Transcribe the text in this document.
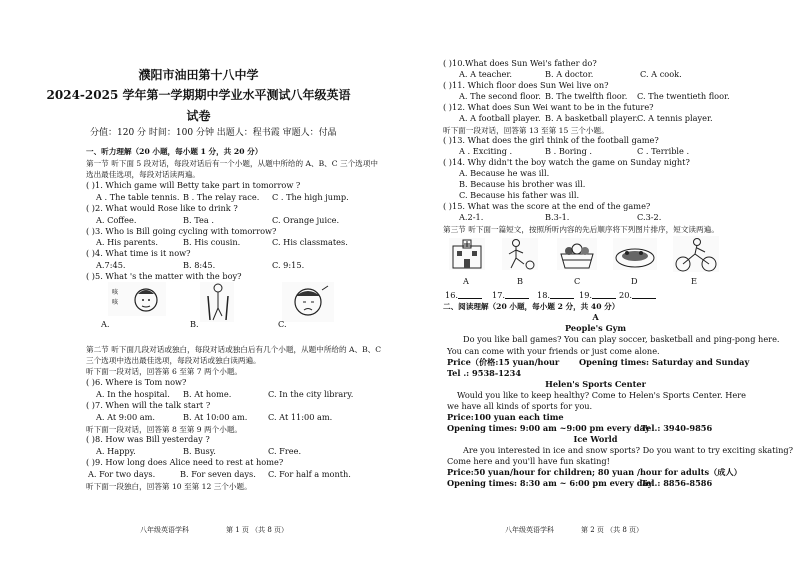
濮阳市油田第十八中学
2024-2025 学年第一学期期中学业水平测试八年级英语
试卷
分值：120 分 时间：100 分钟 出题人：程书霞 审题人：付晶
一、听力理解（20 小题，每小题 1 分，共 20 分）
第一节 听下面 5 段对话，每段对话后有一个小题，从题中所给的 A、B、C 三个选项中
选出最佳选项，每段对话读两遍。
( )1. Which game will Betty take part in tomorrow ?
A . The table tennis. B . The relay race. C . The high jump.
( )2. What would Rose like to drink ?
A. Coffee.	B. Tea .	C. Orange juice.
( )3. Who is Bill going cycling with tomorrow?
A. His parents.	B. His cousin.	C. His classmates.
( )4. What time is it now?
A.7:45.	B. 8:45.	C. 9:15.
( )5. What 's the matter with the boy?
咳
咳
A.	B.	C.
第二节 听下面几段对话或独白，每段对话或独白后有几个小题，从题中所给的 A、B、C
三个选项中选出最佳选项，每段对话或独白读两遍。
听下面一段对话，回答第 6 至第 7 两个小题。
( )6. Where is Tom now?
A. In the hospital. B. At home.	C. In the city library.
( )7. When will the talk start ?
A. At 9:00 am.	B. At 10:00 am.	C. At 11:00 am.
听下面一段对话，回答第 8 至第 9 两个小题。
( )8. How was Bill yesterday ?
A. Happy.	B. Busy.	C. Free.
( )9. How long does Alice need to rest at home?
A. For two days.	B. For seven days. C. For half a month.
听下面一段独白，回答第 10 至第 12 三个小题。
八年级英语学科	第 1 页 （共 8 页）
( )10.What does Sun Wei's father do?
A. A teacher.	B. A doctor.	C. A cook.
( )11. Which floor does Sun Wei live on?
A. The second floor. B. The twelfth floor. C. The twentieth floor.
( )12. What does Sun Wei want to be in the future?
A. A football player. B. A basketball player. C. A tennis player.
听下面一段对话，回答第 13 至第 15 三个小题。
( )13. What does the girl think of the football game?
A . Exciting .	B . Boring .	C . Terrible .
( )14. Why didn't the boy watch the game on Sunday night?
A. Because he was ill.
B. Because his brother was ill.
C. Because his father was ill.
( )15. What was the score at the end of the game?
A.2-1.	B.3-1.	C.3-2.
第三节 听下面一篇短文，按照所听内容的先后顺序将下列图片排序，短文读两遍。
A	B	C	D	E
16.	17.	18.	19.	20.
二、阅读理解（20 小题，每小题 2 分，共 40 分）
A
People's Gym
Do you like ball games? You can play soccer, basketball and ping-pong here.
You can come with your friends or just come alone.
Price（价格:15 yuan/hour Opening times: Saturday and Sunday
Tel .: 9538-1234
Helen's Sports Center
Would you like to keep healthy? Come to Helen's Sports Center. Here
we have all kinds of sports for you.
Price:100 yuan each time
Opening times: 9:00 am ~9:00 pm every day
Tel.: 3940-9856
Ice World
Are you interested in ice and snow sports? Do you want to try exciting skating?
Come here and you'll have fun skating!
Price:50 yuan/hour for children; 80 yuan /hour for adults（成人）
Opening times: 8:30 am ~ 6:00 pm every day
Tel.: 8856-8586
八年级英语学科	第 2 页 （共 8 页）
